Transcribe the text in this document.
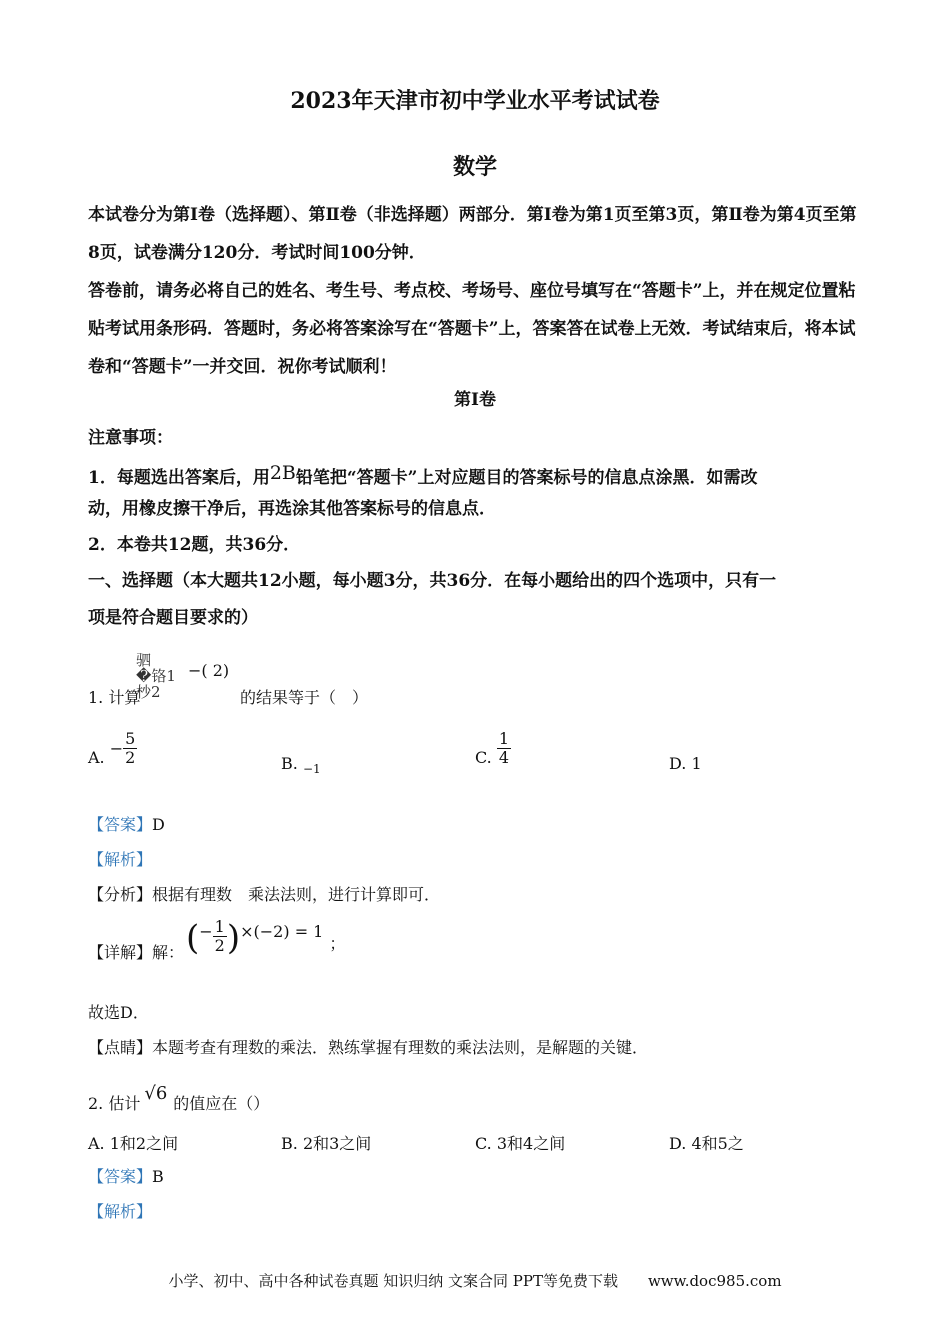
2023年天津市初中学业水平考试试卷
数学
本试卷分为第Ⅰ卷（选择题）、第Ⅱ卷（非选择题）两部分．第Ⅰ卷为第1页至第3页，第Ⅱ卷为第4页至第8页，试卷满分120分．考试时间100分钟．
答卷前，请务必将自己的姓名、考生号、考点校、考场号、座位号填写在“答题卡”上，并在规定位置粘贴考试用条形码．答题时，务必将答案涂写在“答题卡”上，答案答在试卷上无效．考试结束后，将本试卷和“答题卡”一并交回．祝你考试顺利！
第Ⅰ卷
注意事项：
1．每题选出答案后，用2B铅笔把“答题卡”上对应题目的答案标号的信息点涂黑．如需改
动，用橡皮擦干净后，再选涂其他答案标号的信息点．
2．本卷共12题，共36分．
一、选择题（本大题共12小题，每小题3分，共36分．在每小题给出的四个选项中，只有一
项是符合题目要求的）
驷
�铬1
杪2
−( 2)
1. 计算	的结果等于（　）
A. − $\frac{5}{2}$	B. $_{-1}$
C. $\frac{1}{4}$	D. 1
【答案】D
【解析】
【分析】根据有理数　乘法法则，进行计算即可．
【详解】解： (− $\frac{1}{2} )\times(-2) = 1$；
故选D．
【点睛】本题考查有理数的乘法．熟练掌握有理数的乘法法则，是解题的关键．
2. 估计 √6 的值应在（）
A. 1和2之间	B. 2和3之间	C. 3和4之间	D. 4和5之
【答案】B
【解析】
小学、初中、高中各种试卷真题 知识归纳 文案合同 PPT等免费下载　　www.doc985.com
